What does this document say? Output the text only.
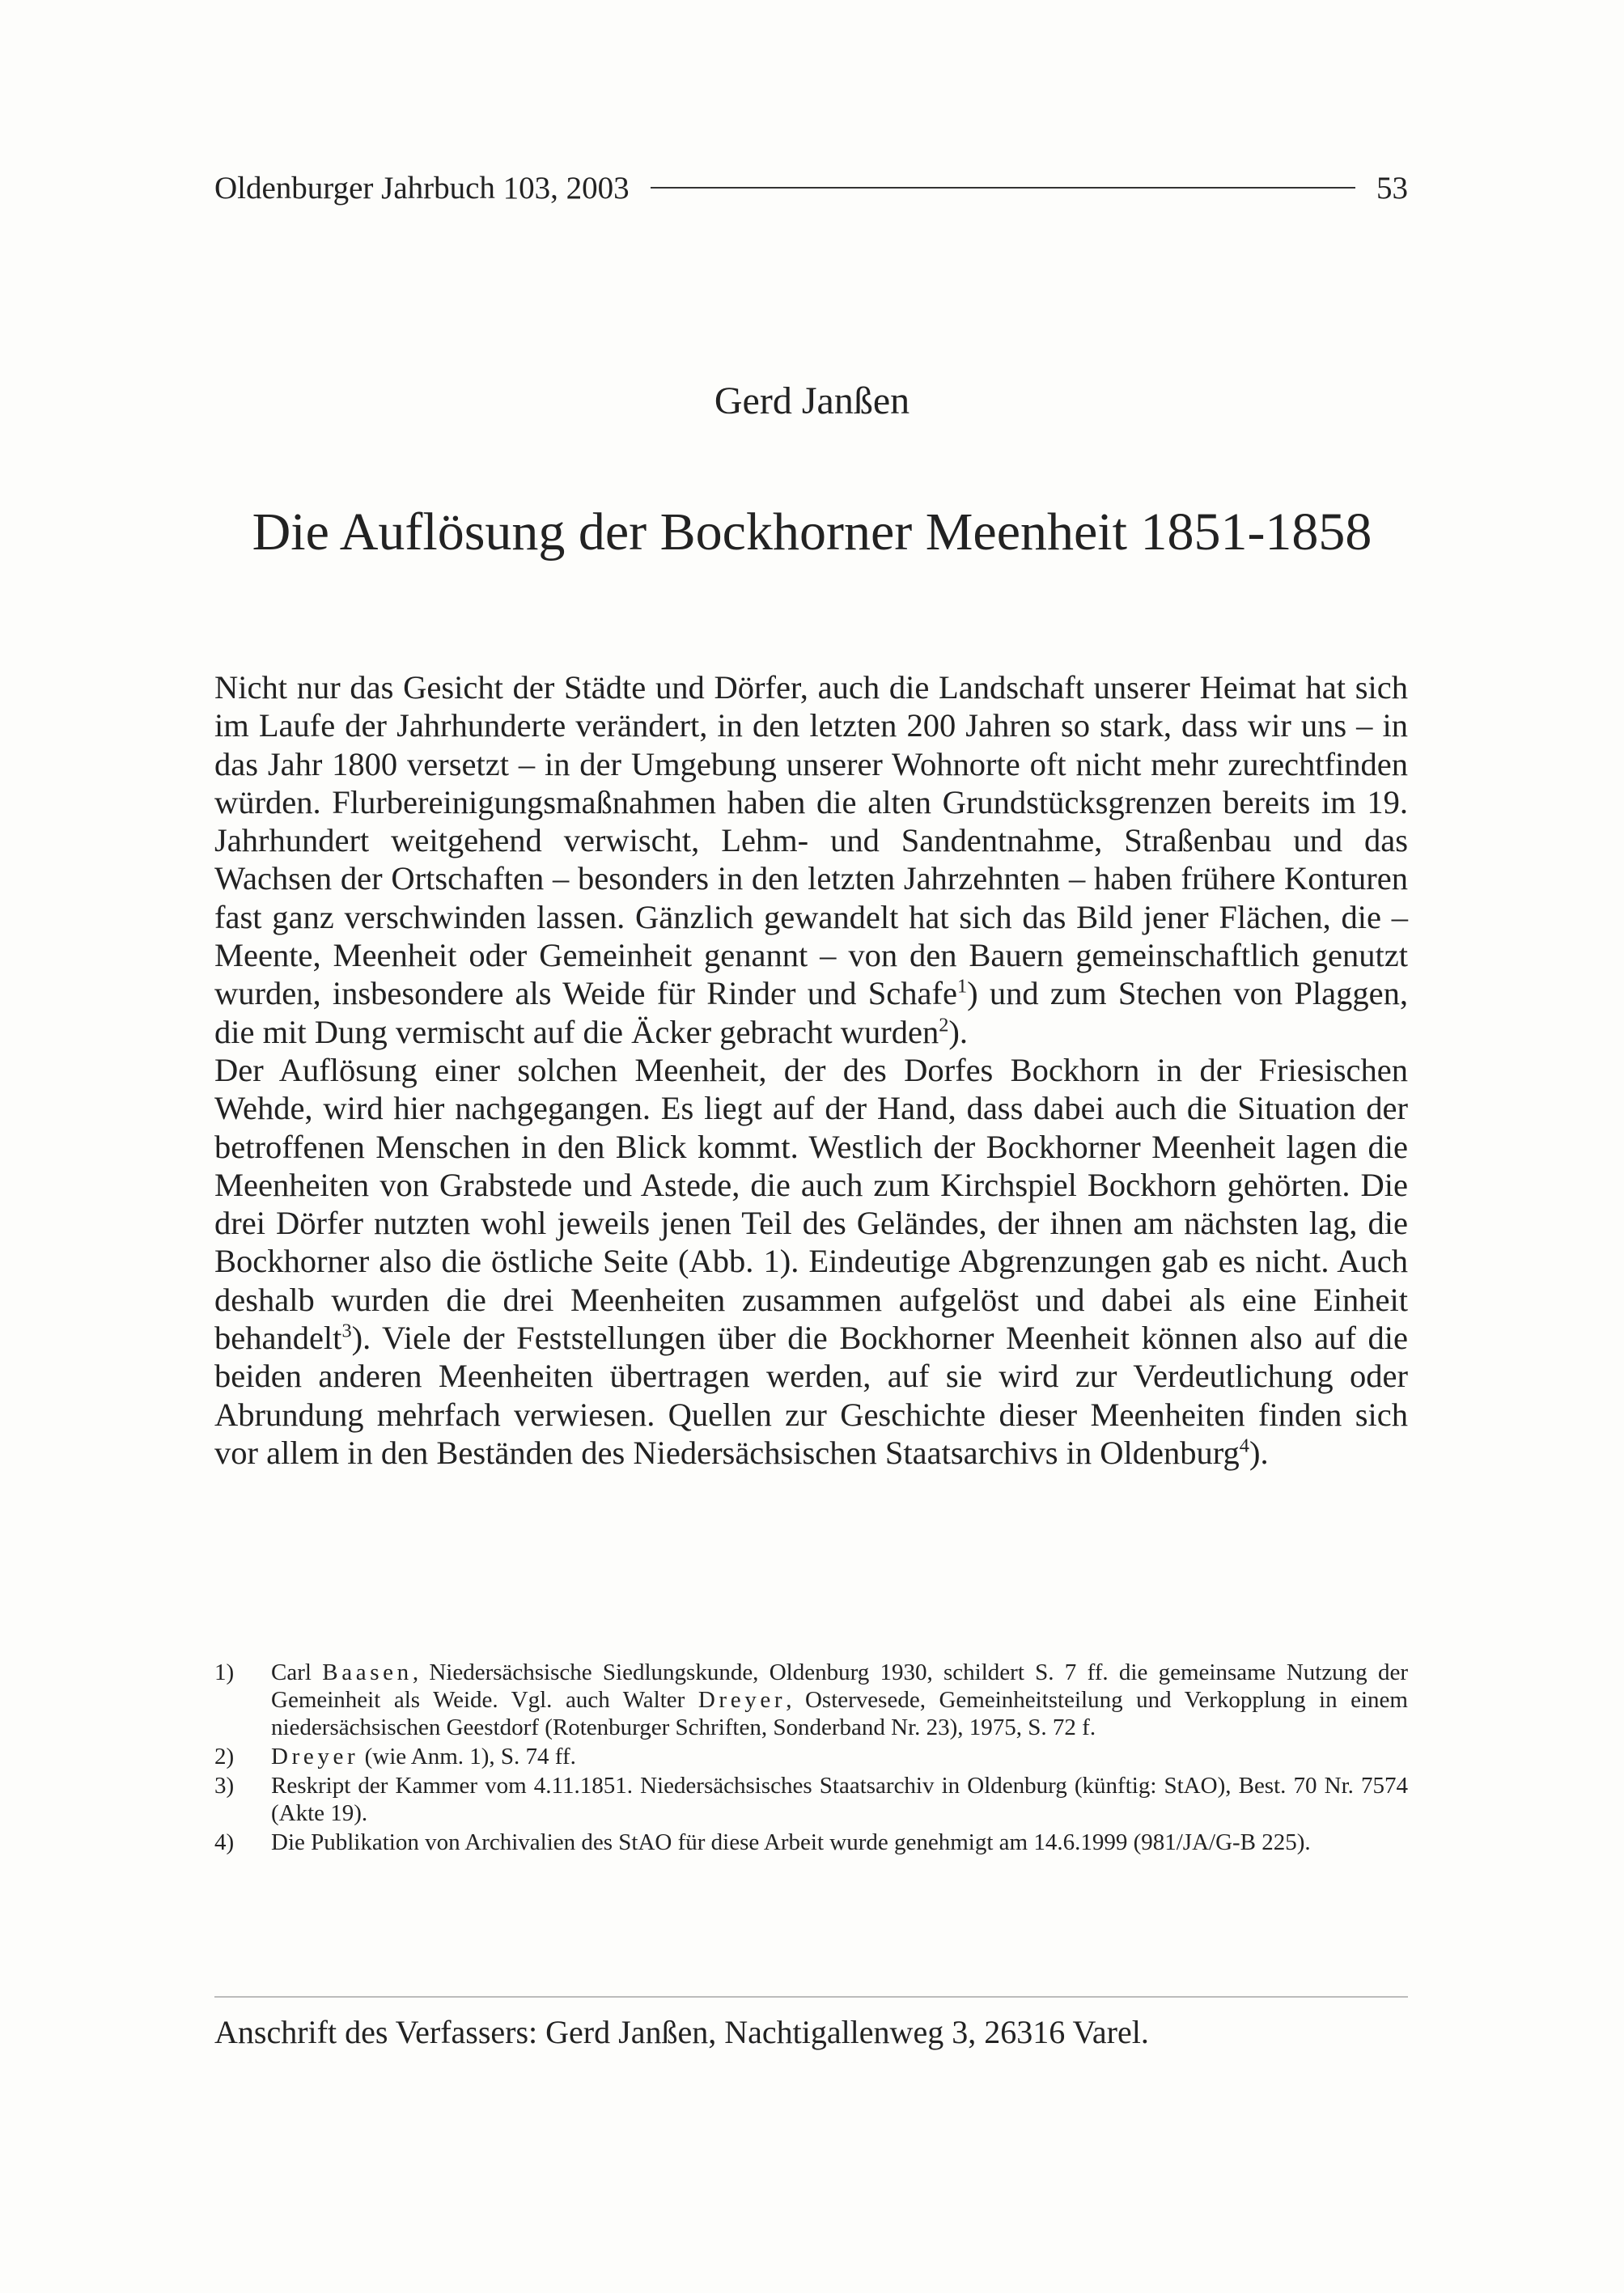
Oldenburger Jahrbuch 103, 2003	53
Gerd Janßen
Die Auflösung der Bockhorner Meenheit 1851-1858

Nicht nur das Gesicht der Städte und Dörfer, auch die Landschaft unserer Heimat hat sich im Laufe der Jahrhunderte verändert, in den letzten 200 Jahren so stark, dass wir uns – in das Jahr 1800 versetzt – in der Umgebung unserer Wohnorte oft nicht mehr zurechtfinden würden. Flurbereinigungsmaßnahmen haben die alten Grundstücksgrenzen bereits im 19. Jahrhundert weitgehend verwischt, Lehm- und Sandentnahme, Straßenbau und das Wachsen der Ortschaften – besonders in den letzten Jahrzehnten – haben frühere Konturen fast ganz verschwinden lassen. Gänzlich gewandelt hat sich das Bild jener Flächen, die – Meente, Meenheit oder Gemeinheit genannt – von den Bauern gemeinschaftlich genutzt wurden, insbesondere als Weide für Rinder und Schafe$^1$) und zum Stechen von Plaggen, die mit Dung vermischt auf die Äcker gebracht wurden$^2$).

Der Auflösung einer solchen Meenheit, der des Dorfes Bockhorn in der Friesischen Wehde, wird hier nachgegangen. Es liegt auf der Hand, dass dabei auch die Situation der betroffenen Menschen in den Blick kommt. Westlich der Bockhorner Meenheit lagen die Meenheiten von Grabstede und Astede, die auch zum Kirchspiel Bockhorn gehörten. Die drei Dörfer nutzten wohl jeweils jenen Teil des Geländes, der ihnen am nächsten lag, die Bockhorner also die östliche Seite (Abb. 1). Eindeutige Abgrenzungen gab es nicht. Auch deshalb wurden die drei Meenheiten zusammen aufgelöst und dabei als eine Einheit behandelt$^3$). Viele der Feststellungen über die Bockhorner Meenheit können also auf die beiden anderen Meenheiten übertragen werden, auf sie wird zur Verdeutlichung oder Abrundung mehrfach verwiesen. Quellen zur Geschichte dieser Meenheiten finden sich vor allem in den Beständen des Niedersächsischen Staatsarchivs in Oldenburg$^4$).

1)	Carl Baasen, Niedersächsische Siedlungskunde, Oldenburg 1930, schildert S. 7 ff. die gemeinsame Nutzung der Gemeinheit als Weide. Vgl. auch Walter Dreyer, Ostervesede, Gemeinheitsteilung und Verkopplung in einem niedersächsischen Geestdorf (Rotenburger Schriften, Sonderband Nr. 23), 1975, S. 72 f.
2)	Dreyer (wie Anm. 1), S. 74 ff.
3)	Reskript der Kammer vom 4.11.1851. Niedersächsisches Staatsarchiv in Oldenburg (künftig: StAO), Best. 70 Nr. 7574 (Akte 19).
4)	Die Publikation von Archivalien des StAO für diese Arbeit wurde genehmigt am 14.6.1999 (981/JA/G-B 225).
Anschrift des Verfassers: Gerd Janßen, Nachtigallenweg 3, 26316 Varel.
